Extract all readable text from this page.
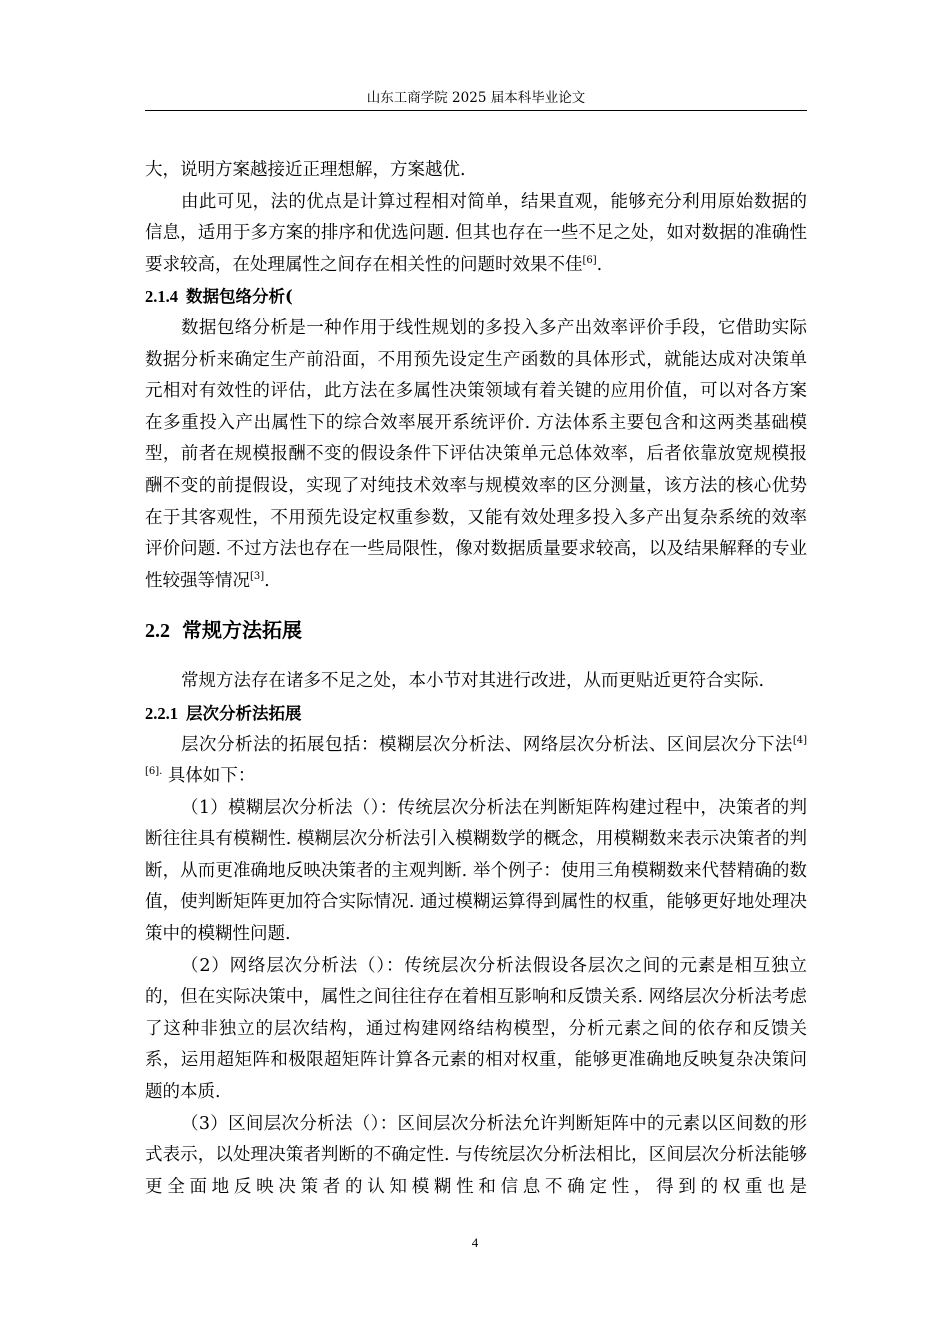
山东工商学院 2025 届本科毕业论文

大，说明方案越接近正理想解，方案越优.

由此可见，法的优点是计算过程相对简单，结果直观，能够充分利用原始数据的信息，适用于多方案的排序和优选问题. 但其也存在一些不足之处，如对数据的准确性要求较高，在处理属性之间存在相关性的问题时效果不佳[6].

2.1.4 数据包络分析(

数据包络分析是一种作用于线性规划的多投入多产出效率评价手段，它借助实际数据分析来确定生产前沿面，不用预先设定生产函数的具体形式，就能达成对决策单元相对有效性的评估，此方法在多属性决策领域有着关键的应用价值，可以对各方案在多重投入产出属性下的综合效率展开系统评价. 方法体系主要包含和这两类基础模型，前者在规模报酬不变的假设条件下评估决策单元总体效率，后者依靠放宽规模报酬不变的前提假设，实现了对纯技术效率与规模效率的区分测量，该方法的核心优势在于其客观性，不用预先设定权重参数，又能有效处理多投入多产出复杂系统的效率评价问题. 不过方法也存在一些局限性，像对数据质量要求较高，以及结果解释的专业性较强等情况[3].

2.2 常规方法拓展

常规方法存在诸多不足之处，本小节对其进行改进，从而更贴近更符合实际.

2.2.1 层次分析法拓展

层次分析法的拓展包括：模糊层次分析法、网络层次分析法、区间层次分下法$^{[4][6].}$ 具体如下：

（1）模糊层次分析法（）：传统层次分析法在判断矩阵构建过程中，决策者的判断往往具有模糊性. 模糊层次分析法引入模糊数学的概念，用模糊数来表示决策者的判断，从而更准确地反映决策者的主观判断. 举个例子：使用三角模糊数来代替精确的数值，使判断矩阵更加符合实际情况. 通过模糊运算得到属性的权重，能够更好地处理决策中的模糊性问题.

（2）网络层次分析法（）：传统层次分析法假设各层次之间的元素是相互独立的，但在实际决策中，属性之间往往存在着相互影响和反馈关系. 网络层次分析法考虑了这种非独立的层次结构，通过构建网络结构模型，分析元素之间的依存和反馈关系，运用超矩阵和极限超矩阵计算各元素的相对权重，能够更准确地反映复杂决策问题的本质.

（3）区间层次分析法（）：区间层次分析法允许判断矩阵中的元素以区间数的形式表示，以处理决策者判断的不确定性. 与传统层次分析法相比，区间层次分析法能够更全面地反映决策者的认知模糊性和信息不确定性，得到的权重也是

4
